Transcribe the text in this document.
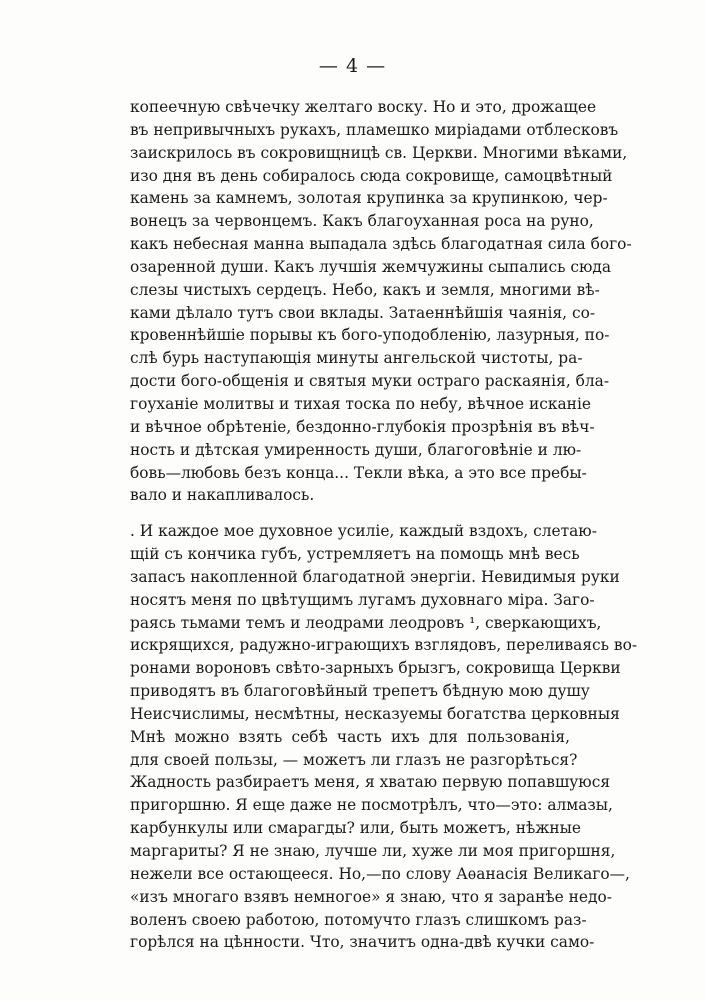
— 4 —
копеечную свѣчечку желтаго воску. Но и это, дрожащее
въ непривычныхъ рукахъ, пламешко миріадами отблесковъ
заискрилось въ сокровищницѣ св. Церкви. Многими вѣками,
изо дня въ день собиралось сюда сокровище, самоцвѣтный
камень за камнемъ, золотая крупинка за крупинкою, чер-
вонецъ за червонцемъ. Какъ благоуханная роса на руно,
какъ небесная манна выпадала здѣсь благодатная сила бого-
озаренной души. Какъ лучшія жемчужины сыпались сюда
слезы чистыхъ сердецъ. Небо, какъ и земля, многими вѣ-
ками дѣлало тутъ свои вклады. Затаеннѣйшія чаянія, со-
кровеннѣйшіе порывы къ бого-уподобленію, лазурныя, по-
слѣ бурь наступающія минуты ангельской чистоты, ра-
дости бого-общенія и святыя муки остраго раскаянія, бла-
гоуханіе молитвы и тихая тоска по небу, вѣчное исканіе
и вѣчное обрѣтеніе, бездонно-глубокія прозрѣнія въ вѣч-
ность и дѣтская умиренность души, благоговѣніе и лю-
бовь—любовь безъ конца... Текли вѣка, а это все пребы-
вало и накапливалось.
. И каждое мое духовное усиліе, каждый вздохъ, слетаю-
щій съ кончика губъ, устремляетъ на помощь мнѣ весь
запасъ накопленной благодатной энергіи. Невидимыя руки
носятъ меня по цвѣтущимъ лугамъ духовнаго міра. Заго-
раясь тьмами темъ и леодрами леодровъ ¹, сверкающихъ,
искрящихся, радужно-играющихъ взглядовъ, переливаясь во-
ронами вороновъ свѣто-зарныхъ брызгъ, сокровища Церкви
приводятъ въ благоговѣйный трепетъ бѣдную мою душу
Неисчислимы, несмѣтны, несказуемы богатства церковныя
Мнѣ можно взять себѣ часть ихъ для пользованія,
для своей пользы, — можетъ ли глазъ не разгорѣться?
Жадность разбираетъ меня, я хватаю первую попавшуюся
пригоршню. Я еще даже не посмотрѣлъ, что—это: алмазы,
карбункулы или смарагды? или, быть можетъ, нѣжные
маргариты? Я не знаю, лучше ли, хуже ли моя пригоршня,
нежели все остающееся. Но,—по слову Аѳанасія Великаго—,
«изъ многаго взявъ немногое» я знаю, что я заранѣе недо-
воленъ своею работою, потомучто глазъ слишкомъ раз-
горѣлся на цѣнности. Что, значитъ одна-двѣ кучки само-
